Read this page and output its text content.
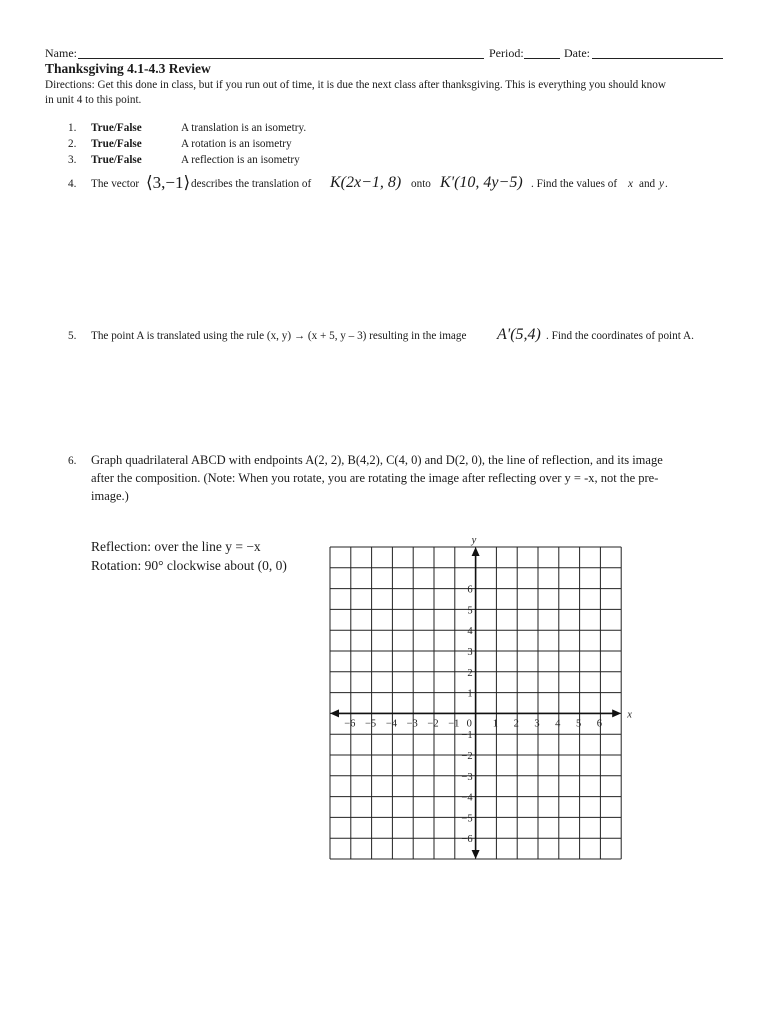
Name:	Period:	Date:
Thanksgiving 4.1-4.3 Review
Directions: Get this done in class, but if you run out of time, it is due the next class after thanksgiving. This is everything you should know
in unit 4 to this point.
1. True/False	A translation is an isometry.
2. True/False	A rotation is an isometry
3. True/False	A reflection is an isometry
4. The vector ⟨3,−1⟩ describes the translation of K(2x−1, 8) onto K'(10, 4y−5) . Find the values of x and y .
5. The point A is translated using the rule (x, y) → (x + 5, y – 3) resulting in the image A'(5,4) . Find the coordinates of point A.
6. Graph quadrilateral ABCD with endpoints A(2, 2), B(4,2), C(4, 0) and D(2, 0), the line of reflection, and its image
after the composition. (Note: When you rotate, you are rotating the image after reflecting over y = -x, not the pre-
image.)
Reflection: over the line y = −x
Rotation: 90° clockwise about (0, 0)
y
x
0
−6 −5 −4 −3 −2 −1	1 2 3 4 5 6
6
5
4
3
2
1
−1
−2
−3
−4
−5
−6
